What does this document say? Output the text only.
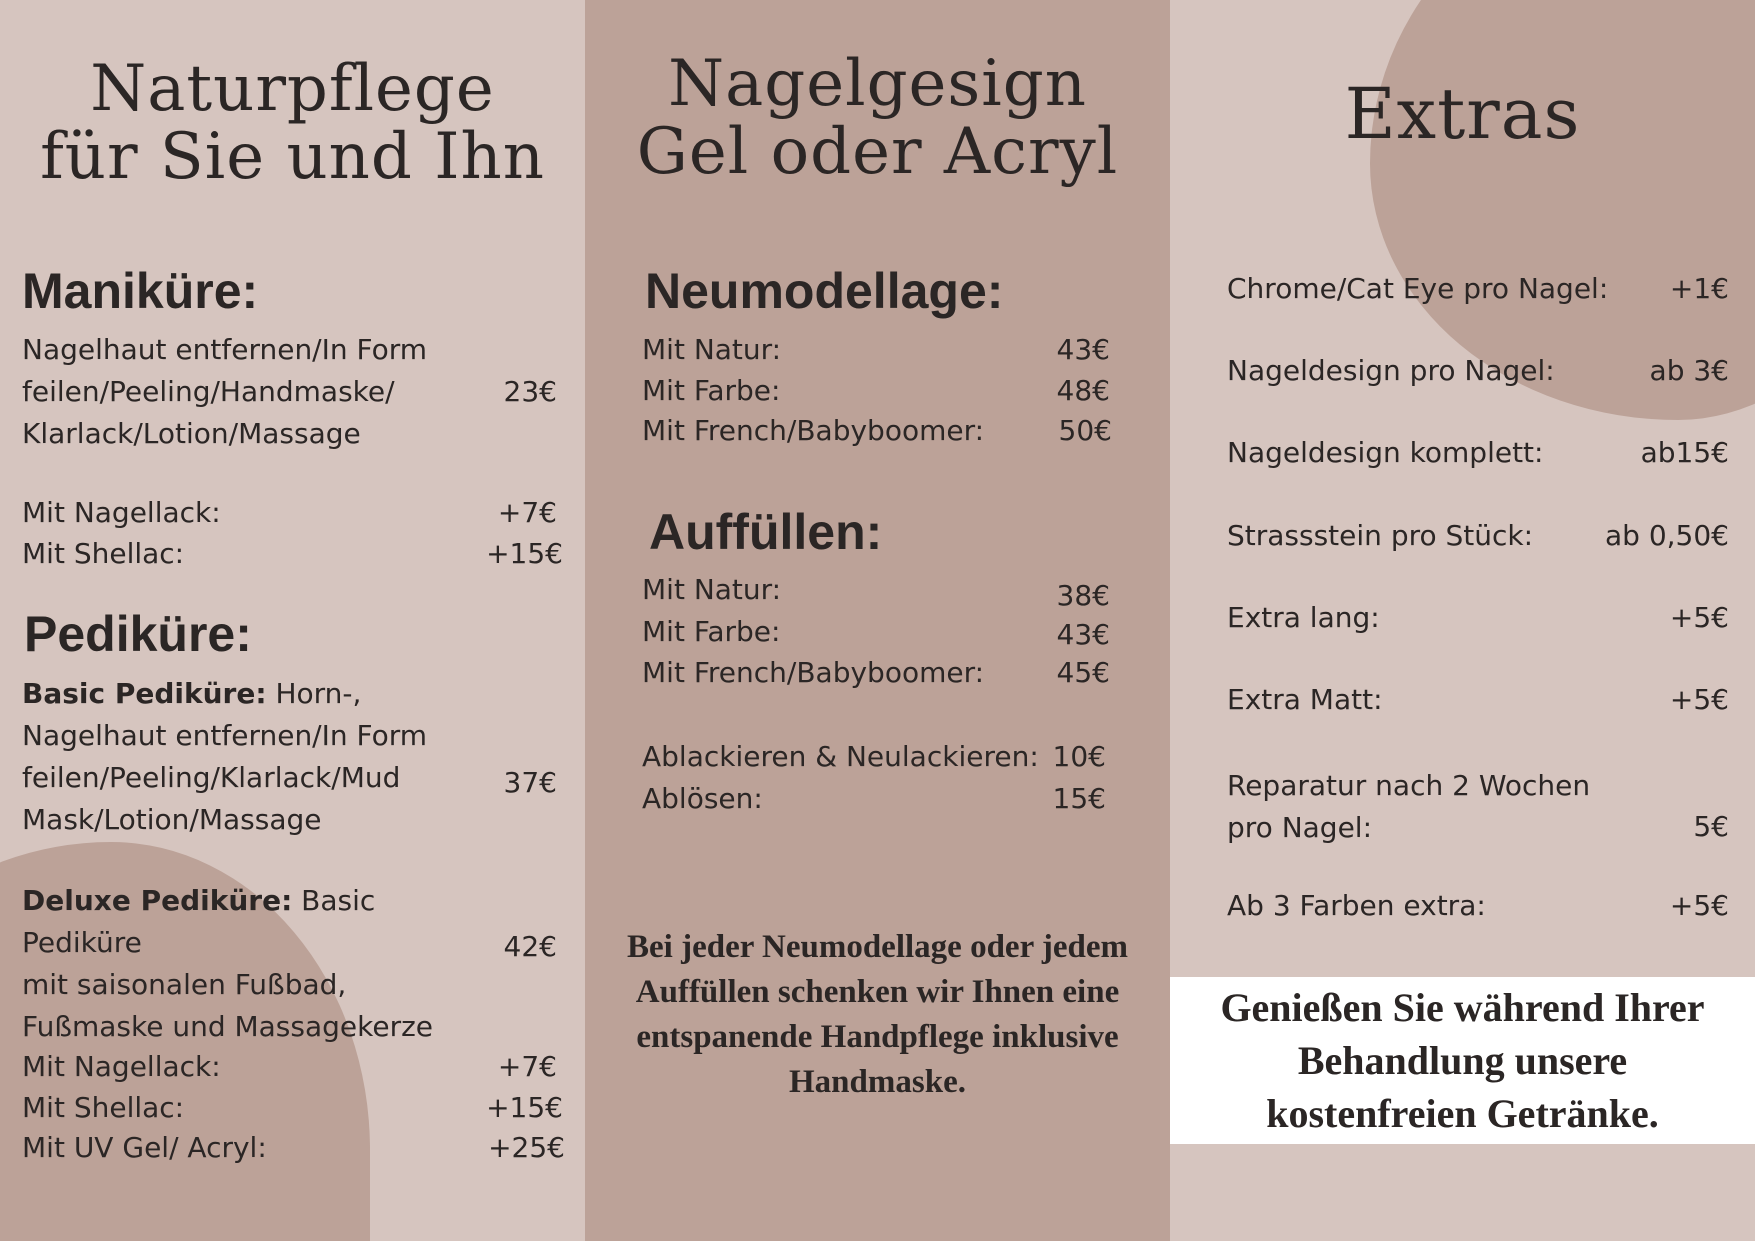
Naturpflege
für Sie und Ihn
Maniküre:
Nagelhaut entfernen/In Form
feilen/Peeling/Handmaske/
Klarlack/Lotion/Massage
23€
Mit Nagellack:	+7€
Mit Shellac:	+15€
Pediküre:
Basic Pediküre: Horn-,
Nagelhaut entfernen/In Form
feilen/Peeling/Klarlack/Mud
Mask/Lotion/Massage
37€
Deluxe Pediküre: Basic Pediküre
mit saisonalen Fußbad,
Fußmaske und Massagekerze
42€
Mit Nagellack:	+7€
Mit Shellac:	+15€
Mit UV Gel/ Acryl:	+25€
Nagelgesign
Gel oder Acryl
Neumodellage:
Mit Natur:	43€
Mit Farbe:	48€
Mit French/Babyboomer:	50€
Auffüllen:
Mit Natur:	38€
Mit Farbe:	43€
Mit French/Babyboomer:	45€
Ablackieren & Neulackieren: 10€
Ablösen:	15€
Bei jeder Neumodellage oder jedem
Auffüllen schenken wir Ihnen eine
entspanende Handpflege inklusive
Handmaske.
Extras
Chrome/Cat Eye pro Nagel: +1€
Nageldesign pro Nagel:	ab 3€
Nageldesign komplett:	ab15€
Strassstein pro Stück:	ab 0,50€
Extra lang:	+5€
Extra Matt:	+5€
Reparatur nach 2 Wochen
pro Nagel:	5€
Ab 3 Farben extra:	+5€
Genießen Sie während Ihrer
Behandlung unsere
kostenfreien Getränke.
